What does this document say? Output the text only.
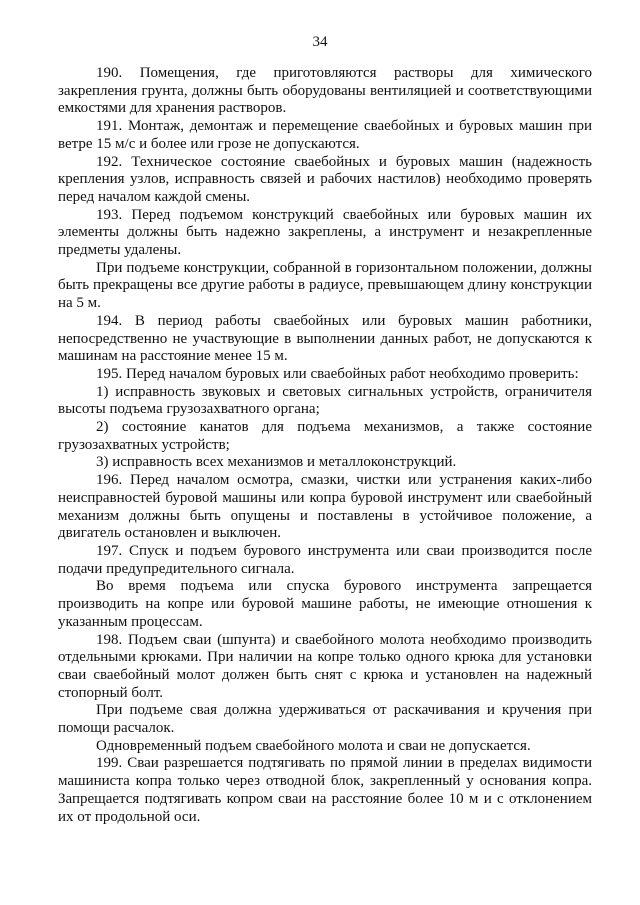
34

190. Помещения, где приготовляются растворы для химического закрепления грунта, должны быть оборудованы вентиляцией и соответствующими емкостями для хранения растворов.

191. Монтаж, демонтаж и перемещение сваебойных и буровых машин при ветре 15 м/с и более или грозе не допускаются.

192. Техническое состояние сваебойных и буровых машин (надежность крепления узлов, исправность связей и рабочих настилов) необходимо проверять перед началом каждой смены.

193. Перед подъемом конструкций сваебойных или буровых машин их элементы должны быть надежно закреплены, а инструмент и незакрепленные предметы удалены.

При подъеме конструкции, собранной в горизонтальном положении, должны быть прекращены все другие работы в радиусе, превышающем длину конструкции на 5 м.

194. В период работы сваебойных или буровых машин работники, непосредственно не участвующие в выполнении данных работ, не допускаются к машинам на расстояние менее 15 м.

195. Перед началом буровых или сваебойных работ необходимо проверить:

1) исправность звуковых и световых сигнальных устройств, ограничителя высоты подъема грузозахватного органа;

2) состояние канатов для подъема механизмов, а также состояние грузозахватных устройств;

3) исправность всех механизмов и металлоконструкций.

196. Перед началом осмотра, смазки, чистки или устранения каких-либо неисправностей буровой машины или копра буровой инструмент или сваебойный механизм должны быть опущены и поставлены в устойчивое положение, а двигатель остановлен и выключен.

197. Спуск и подъем бурового инструмента или сваи производится после подачи предупредительного сигнала.

Во время подъема или спуска бурового инструмента запрещается производить на копре или буровой машине работы, не имеющие отношения к указанным процессам.

198. Подъем сваи (шпунта) и сваебойного молота необходимо производить отдельными крюками. При наличии на копре только одного крюка для установки сваи сваебойный молот должен быть снят с крюка и установлен на надежный стопорный болт.

При подъеме свая должна удерживаться от раскачивания и кручения при помощи расчалок.

Одновременный подъем сваебойного молота и сваи не допускается.

199. Сваи разрешается подтягивать по прямой линии в пределах видимости машиниста копра только через отводной блок, закрепленный у основания копра. Запрещается подтягивать копром сваи на расстояние более 10 м и с отклонением их от продольной оси.
